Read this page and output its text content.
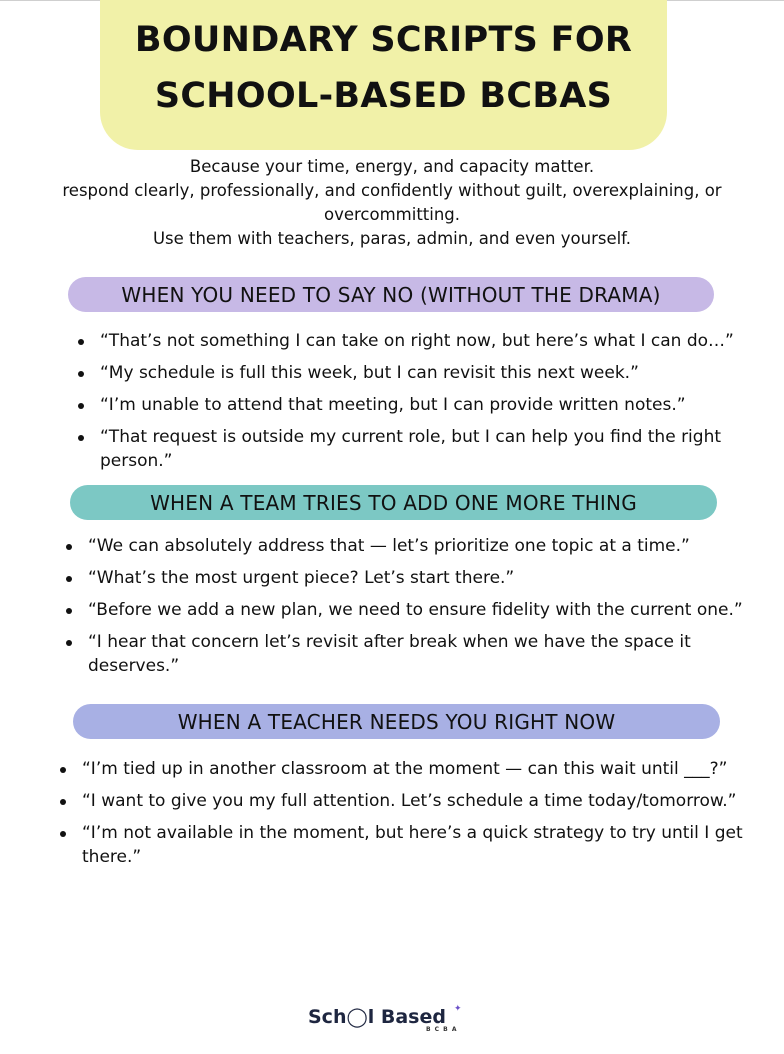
BOUNDARY SCRIPTS FOR
SCHOOL-BASED BCBAS
Because your time, energy, and capacity matter.
respond clearly, professionally, and confidently without guilt, overexplaining, or
overcommitting.
Use them with teachers, paras, admin, and even yourself.
WHEN YOU NEED TO SAY NO (WITHOUT THE DRAMA)
“That’s not something I can take on right now, but here’s what I can do…”
“My schedule is full this week, but I can revisit this next week.”
“I’m unable to attend that meeting, but I can provide written notes.”
“That request is outside my current role, but I can help you find the right person.”
WHEN A TEAM TRIES TO ADD ONE MORE THING
“We can absolutely address that — let’s prioritize one topic at a time.”
“What’s the most urgent piece? Let’s start there.”
“Before we add a new plan, we need to ensure fidelity with the current one.”
“I hear that concern let’s revisit after break when we have the space it deserves.”
WHEN A TEACHER NEEDS YOU RIGHT NOW
“I’m tied up in another classroom at the moment — can this wait until ___?”
“I want to give you my full attention. Let’s schedule a time today/tomorrow.”
“I’m not available in the moment, but here’s a quick strategy to try until I get there.”
Sch◯l Based
B C B A
✦
